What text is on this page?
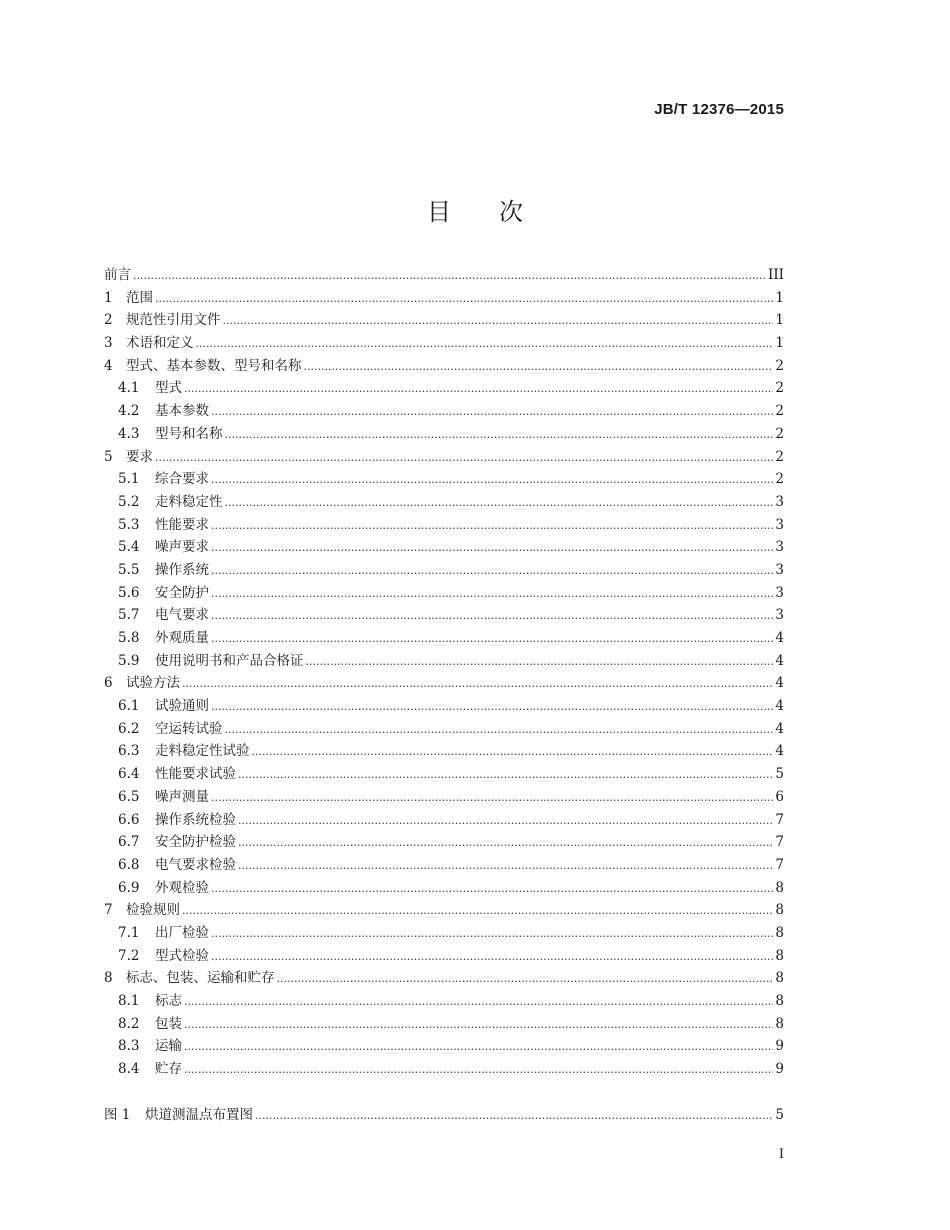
JB/T 12376—2015
目　　次
前言 .....	III
1 范围 .....	1
2 规范性引用文件 .....	1
3 术语和定义 .....	1
4 型式、基本参数、型号和名称 .....	2
4.1	型式 .....	2
4.2	基本参数 .....	2
4.3	型号和名称 .....	2
5 要求 .....	2
5.1	综合要求 .....	2
5.2	走料稳定性 .....	3
5.3	性能要求 .....	3
5.4	噪声要求 .....	3
5.5	操作系统 .....	3
5.6	安全防护 .....	3
5.7	电气要求 .....	3
5.8	外观质量 .....	4
5.9	使用说明书和产品合格证 .....	4
6 试验方法 .....	4
6.1	试验通则 .....	4
6.2	空运转试验 .....	4
6.3	走料稳定性试验 .....	4
6.4	性能要求试验 .....	5
6.5	噪声测量 .....	6
6.6	操作系统检验 .....	7
6.7	安全防护检验 .....	7
6.8	电气要求检验 .....	7
6.9	外观检验 .....	8
7 检验规则 .....	8
7.1	出厂检验 .....	8
7.2	型式检验 .....	8
8 标志、包装、运输和贮存 .....	8
8.1	标志 .....	8
8.2	包装 .....	8
8.3	运输 .....	9
8.4	贮存 .....	9
图 1	烘道测温点布置图 .....	5
I
